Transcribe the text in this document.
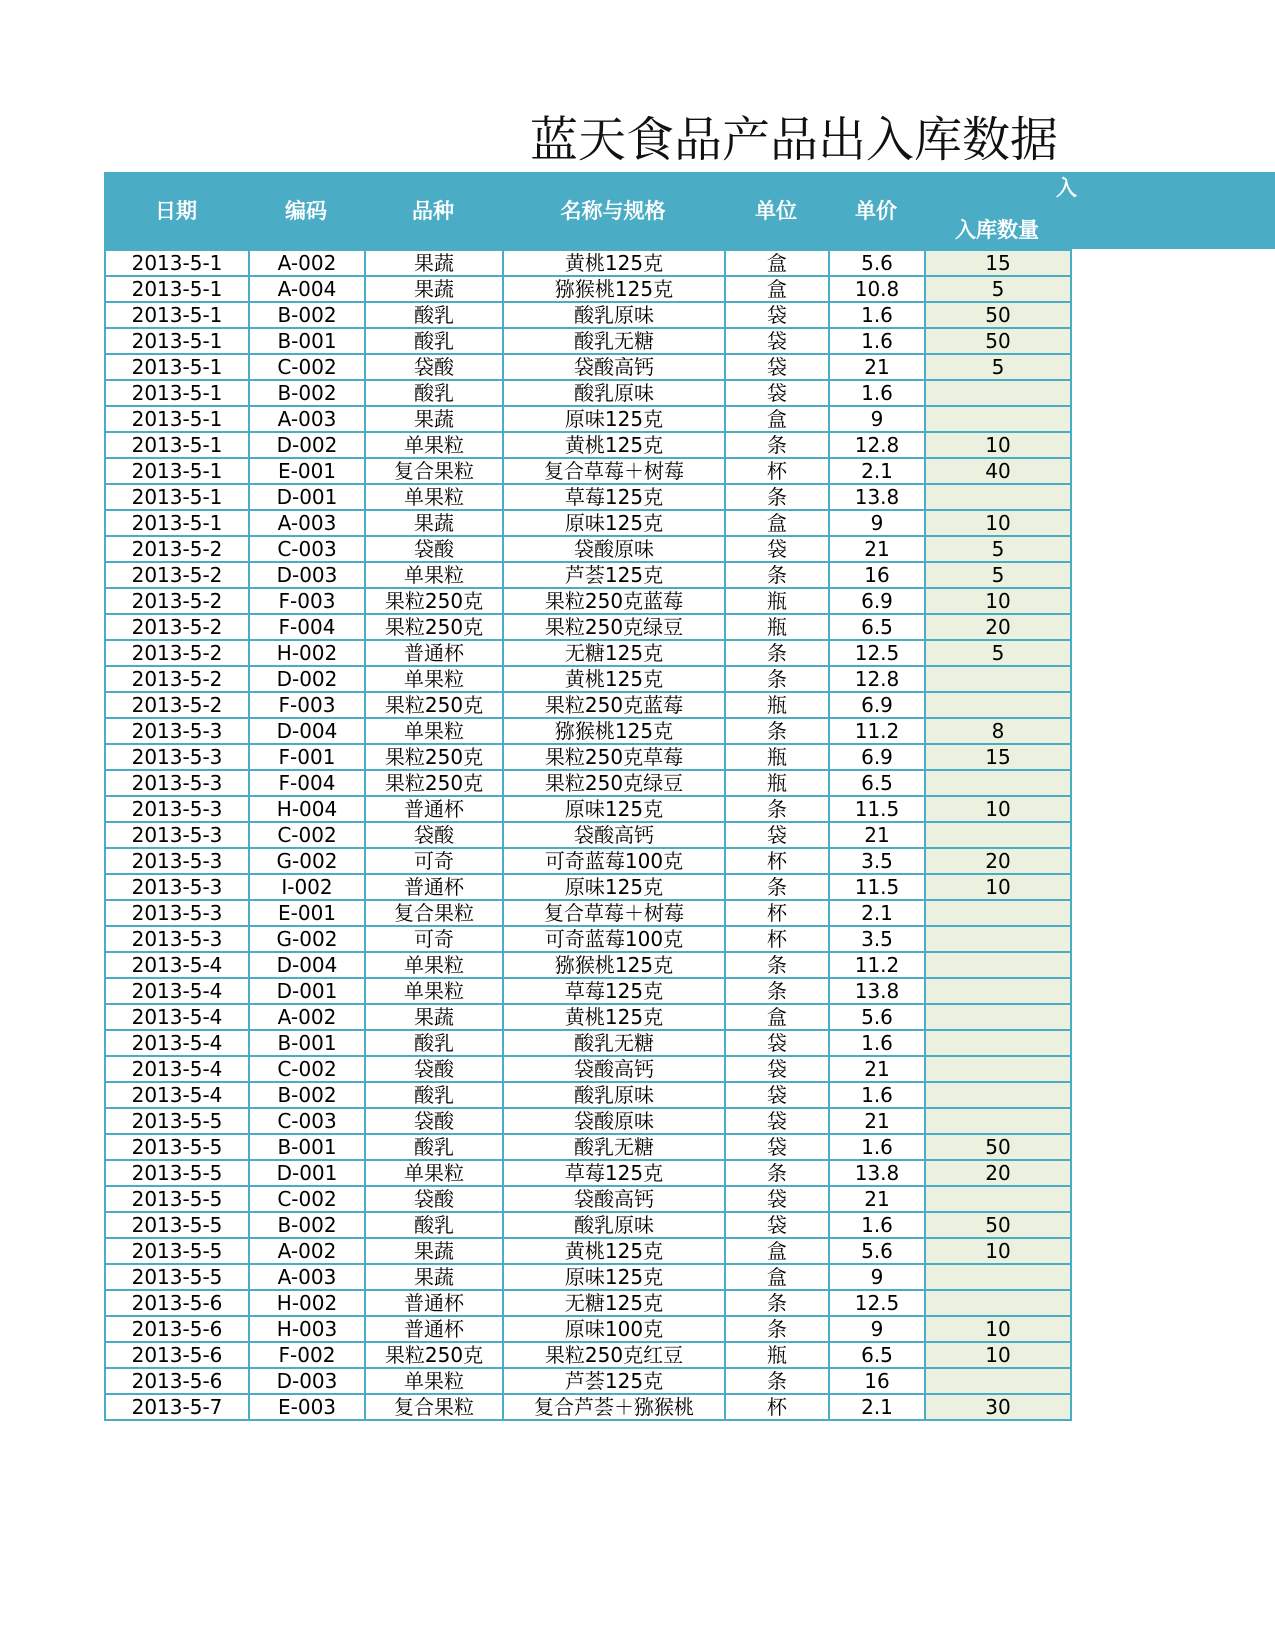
蓝天食品产品出入库数据
日期	编码	品种	名称与规格	单位	单价
入库数量
入
2013-5-1	A-002	果蔬	黄桃125克	盒	5.6	15
2013-5-1	A-004	果蔬	猕猴桃125克	盒	10.8	5
2013-5-1	B-002	酸乳	酸乳原味	袋	1.6	50
2013-5-1	B-001	酸乳	酸乳无糖	袋	1.6	50
2013-5-1	C-002	袋酸	袋酸高钙	袋	21	5
2013-5-1	B-002	酸乳	酸乳原味	袋	1.6	
2013-5-1	A-003	果蔬	原味125克	盒	9	
2013-5-1	D-002	单果粒	黄桃125克	条	12.8	10
2013-5-1	E-001	复合果粒	复合草莓＋树莓	杯	2.1	40
2013-5-1	D-001	单果粒	草莓125克	条	13.8	
2013-5-1	A-003	果蔬	原味125克	盒	9	10
2013-5-2	C-003	袋酸	袋酸原味	袋	21	5
2013-5-2	D-003	单果粒	芦荟125克	条	16	5
2013-5-2	F-003	果粒250克	果粒250克蓝莓	瓶	6.9	10
2013-5-2	F-004	果粒250克	果粒250克绿豆	瓶	6.5	20
2013-5-2	H-002	普通杯	无糖125克	条	12.5	5
2013-5-2	D-002	单果粒	黄桃125克	条	12.8	
2013-5-2	F-003	果粒250克	果粒250克蓝莓	瓶	6.9	
2013-5-3	D-004	单果粒	猕猴桃125克	条	11.2	8
2013-5-3	F-001	果粒250克	果粒250克草莓	瓶	6.9	15
2013-5-3	F-004	果粒250克	果粒250克绿豆	瓶	6.5	
2013-5-3	H-004	普通杯	原味125克	条	11.5	10
2013-5-3	C-002	袋酸	袋酸高钙	袋	21	
2013-5-3	G-002	可奇	可奇蓝莓100克	杯	3.5	20
2013-5-3	I-002	普通杯	原味125克	条	11.5	10
2013-5-3	E-001	复合果粒	复合草莓＋树莓	杯	2.1	
2013-5-3	G-002	可奇	可奇蓝莓100克	杯	3.5	
2013-5-4	D-004	单果粒	猕猴桃125克	条	11.2	
2013-5-4	D-001	单果粒	草莓125克	条	13.8	
2013-5-4	A-002	果蔬	黄桃125克	盒	5.6	
2013-5-4	B-001	酸乳	酸乳无糖	袋	1.6	
2013-5-4	C-002	袋酸	袋酸高钙	袋	21	
2013-5-4	B-002	酸乳	酸乳原味	袋	1.6	
2013-5-5	C-003	袋酸	袋酸原味	袋	21	
2013-5-5	B-001	酸乳	酸乳无糖	袋	1.6	50
2013-5-5	D-001	单果粒	草莓125克	条	13.8	20
2013-5-5	C-002	袋酸	袋酸高钙	袋	21	
2013-5-5	B-002	酸乳	酸乳原味	袋	1.6	50
2013-5-5	A-002	果蔬	黄桃125克	盒	5.6	10
2013-5-5	A-003	果蔬	原味125克	盒	9	
2013-5-6	H-002	普通杯	无糖125克	条	12.5	
2013-5-6	H-003	普通杯	原味100克	条	9	10
2013-5-6	F-002	果粒250克	果粒250克红豆	瓶	6.5	10
2013-5-6	D-003	单果粒	芦荟125克	条	16	
2013-5-7	E-003	复合果粒	复合芦荟＋猕猴桃	杯	2.1	30
